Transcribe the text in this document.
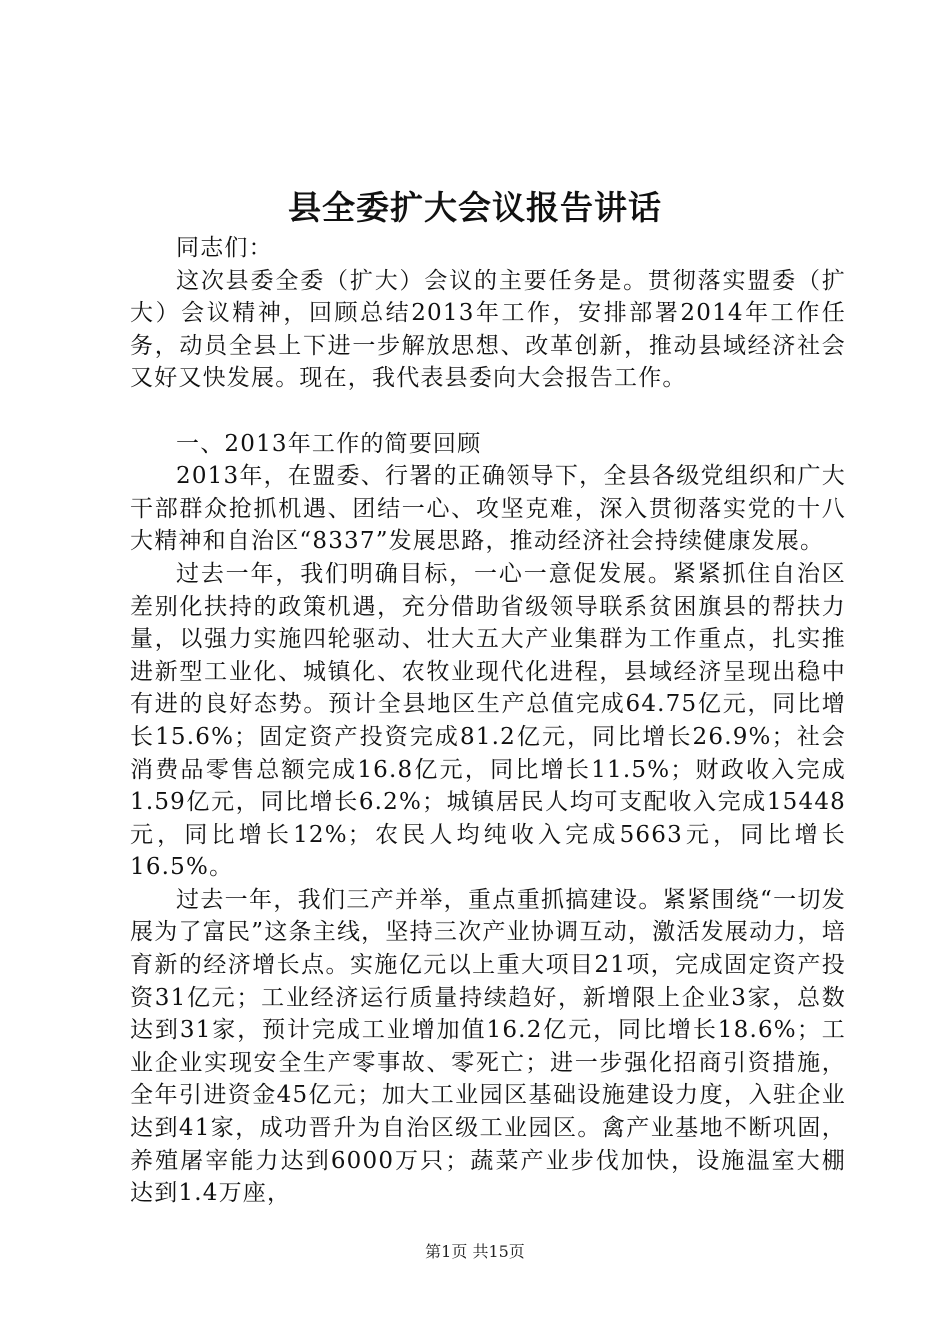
县全委扩大会议报告讲话

同志们：

这次县委全委（扩大）会议的主要任务是。贯彻落实盟委（扩大）会议精神，回顾总结2013年工作，安排部署2014年工作任务，动员全县上下进一步解放思想、改革创新，推动县域经济社会又好又快发展。现在，我代表县委向大会报告工作。

一、2013年工作的简要回顾

2013年，在盟委、行署的正确领导下，全县各级党组织和广大干部群众抢抓机遇、团结一心、攻坚克难，深入贯彻落实党的十八大精神和自治区“8337”发展思路，推动经济社会持续健康发展。

过去一年，我们明确目标，一心一意促发展。紧紧抓住自治区差别化扶持的政策机遇，充分借助省级领导联系贫困旗县的帮扶力量，以强力实施四轮驱动、壮大五大产业集群为工作重点，扎实推进新型工业化、城镇化、农牧业现代化进程，县域经济呈现出稳中有进的良好态势。预计全县地区生产总值完成64.75亿元，同比增长15.6%；固定资产投资完成81.2亿元，同比增长26.9%；社会消费品零售总额完成16.8亿元，同比增长11.5%；财政收入完成1.59亿元，同比增长6.2%；城镇居民人均可支配收入完成15448元，同比增长12%；农民人均纯收入完成5663元，同比增长16.5%。

过去一年，我们三产并举，重点重抓搞建设。紧紧围绕“一切发展为了富民”这条主线，坚持三次产业协调互动，激活发展动力，培育新的经济增长点。实施亿元以上重大项目21项，完成固定资产投资31亿元；工业经济运行质量持续趋好，新增限上企业3家，总数达到31家，预计完成工业增加值16.2亿元，同比增长18.6%；工业企业实现安全生产零事故、零死亡；进一步强化招商引资措施，全年引进资金45亿元；加大工业园区基础设施建设力度，入驻企业达到41家，成功晋升为自治区级工业园区。禽产业基地不断巩固，养殖屠宰能力达到6000万只；蔬菜产业步伐加快，设施温室大棚达到1.4万座，

第1页 共15页
